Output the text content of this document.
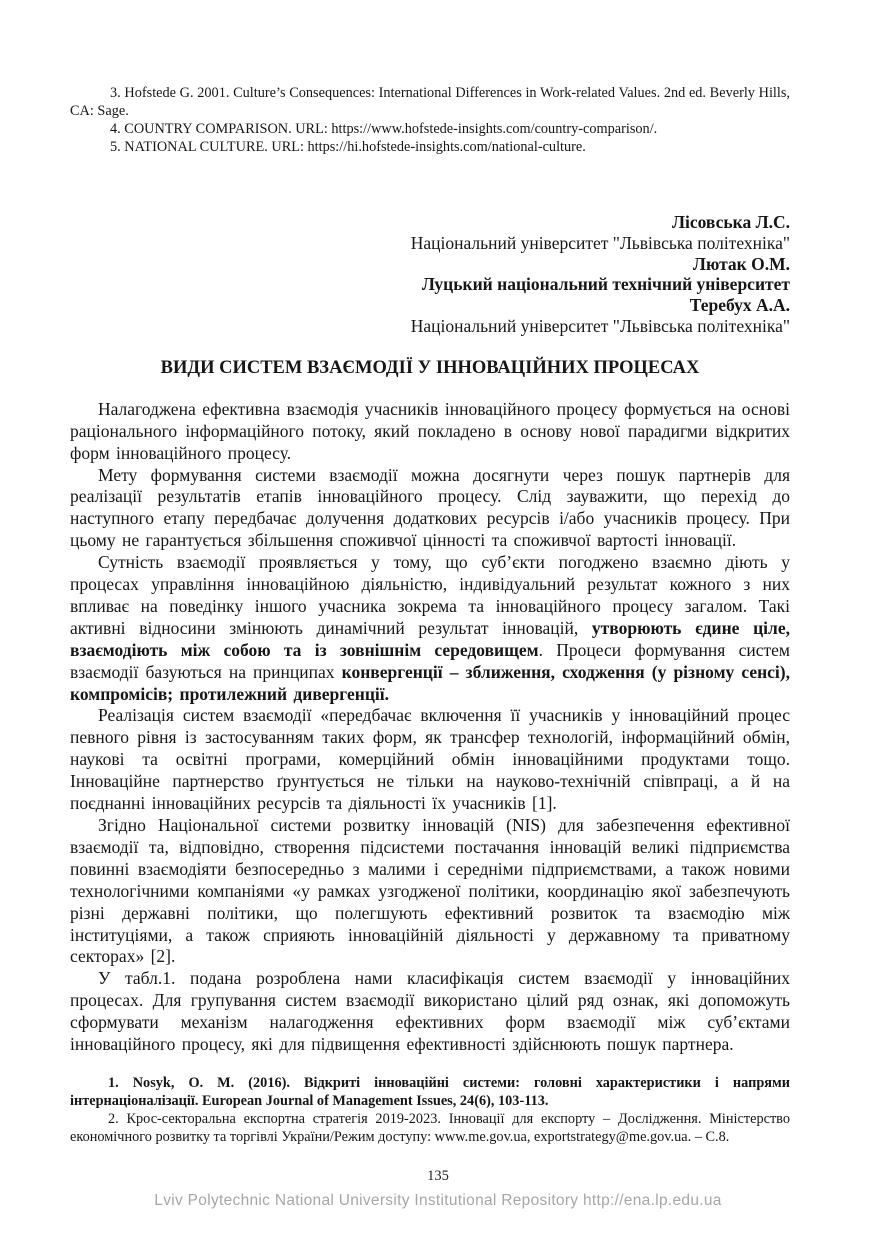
3. Hofstede G. 2001. Culture’s Consequences: International Differences in Work-related Values. 2nd ed. Beverly Hills, CA: Sage.

4. COUNTRY COMPARISON. URL: https://www.hofstede-insights.com/country-comparison/.

5. NATIONAL CULTURE. URL: https://hi.hofstede-insights.com/national-culture.

Лісовська Л.С.
Національний університет "Львівська політехніка"
Лютак О.М.
Луцький національний технічний університет
Теребух А.А.
Національний університет "Львівська політехніка"
ВИДИ СИСТЕМ ВЗАЄМОДІЇ У ІННОВАЦІЙНИХ ПРОЦЕСАХ

Налагоджена ефективна взаємодія учасників інноваційного процесу формується на основі раціонального інформаційного потоку, який покладено в основу нової парадигми відкритих форм інноваційного процесу.

Мету формування системи взаємодії можна досягнути через пошук партнерів для реалізації результатів етапів інноваційного процесу. Слід зауважити, що перехід до наступного етапу передбачає долучення додаткових ресурсів і/або учасників процесу. При цьому не гарантується збільшення споживчої цінності та споживчої вартості інновації.

Сутність взаємодії проявляється у тому, що суб’єкти погоджено взаємно діють у процесах управління інноваційною діяльністю, індивідуальний результат кожного з них впливає на поведінку іншого учасника зокрема та інноваційного процесу загалом. Такі активні відносини змінюють динамічний результат інновацій, утворюють єдине ціле, взаємодіють між собою та із зовнішнім середовищем. Процеси формування систем взаємодії базуються на принципах конвергенції – зближення, сходження (у різному сенсі), компромісів; протилежний дивергенції.

Реалізація систем взаємодії «передбачає включення її учасників у інноваційний процес певного рівня із застосуванням таких форм, як трансфер технологій, інформаційний обмін, наукові та освітні програми, комерційний обмін інноваційними продуктами тощо. Інноваційне партнерство ґрунтується не тільки на науково-технічній співпраці, а й на поєднанні інноваційних ресурсів та діяльності їх учасників [1].

Згідно Національної системи розвитку інновацій (NIS) для забезпечення ефективної взаємодії та, відповідно, створення підсистеми постачання інновацій великі підприємства повинні взаємодіяти безпосередньо з малими і середніми підприємствами, а також новими технологічними компаніями «у рамках узгодженої політики, координацію якої забезпечують різні державні політики, що полегшують ефективний розвиток та взаємодію між інституціями, а також сприяють інноваційній діяльності у державному та приватному секторах» [2].

У табл.1. подана розроблена нами класифікація систем взаємодії у інноваційних процесах. Для групування систем взаємодії використано цілий ряд ознак, які допоможуть сформувати механізм налагодження ефективних форм взаємодії між суб’єктами інноваційного процесу, які для підвищення ефективності здійснюють пошук партнера.

1. Nosyk, O. M. (2016). Відкриті інноваційні системи: головні характеристики і напрями інтернаціоналізації. European Journal of Management Issues, 24(6), 103-113.

2. Крос-секторальна експортна стратегія 2019-2023. Інновації для експорту – Дослідження. Міністерство економічного розвитку та торгівлі України/Режим доступу: www.me.gov.ua, exportstrategy@me.gov.ua. – С.8.

135
Lviv Polytechnic National University Institutional Repository http://ena.lp.edu.ua
